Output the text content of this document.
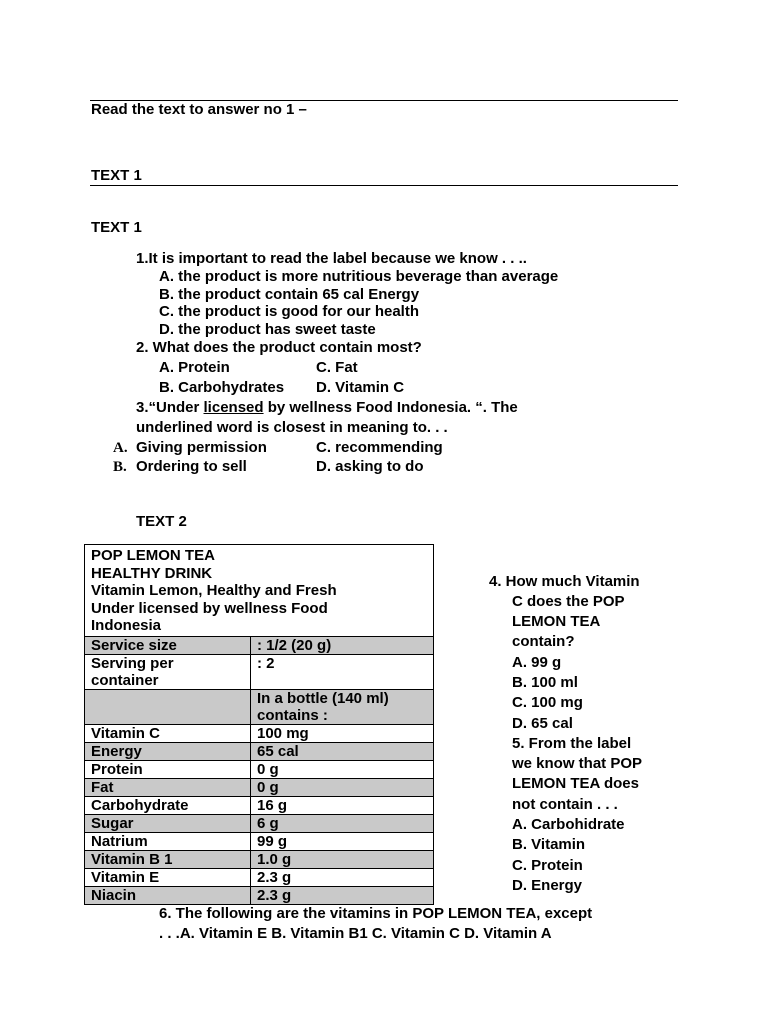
Read the text to answer no 1 –
TEXT 1
TEXT 1
1.It is important to read the label because we know . . ..
A. the product is more nutritious beverage than average
B. the product contain 65 cal Energy
C. the product is good for our health
D. the product has sweet taste
2. What does the product contain most?
A. Protein	C. Fat
B. Carbohydrates D. Vitamin C
3.“Under licensed by wellness Food Indonesia. “. The
underlined word is closest in meaning to. . .
A. Giving permission	C. recommending
B. Ordering to sell	D. asking to do
TEXT 2
POP LEMON TEA
HEALTHY DRINK
Vitamin Lemon, Healthy and Fresh
Under licensed by wellness Food
Indonesia	

Service size	: 1/2 (20 g)

Serving per
container	: 2

	In a bottle (140 ml)
contains :

Vitamin C	100 mg
Energy	65 cal
Protein	0 g
Fat	0 g
Carbohydrate	16 g
Sugar	6 g
Natrium	99 g
Vitamin B 1	1.0 g
Vitamin E	2.3 g
Niacin	2.3 g
4. How much Vitamin
C does the POP
LEMON TEA
contain?
A. 99 g
B. 100 ml
C. 100 mg
D. 65 cal
5. From the label
we know that POP
LEMON TEA does
not contain . . .
A. Carbohidrate
B. Vitamin
C. Protein
D. Energy
6. The following are the vitamins in POP LEMON TEA, except
. . .A. Vitamin E B. Vitamin B1 C. Vitamin C D. Vitamin A
